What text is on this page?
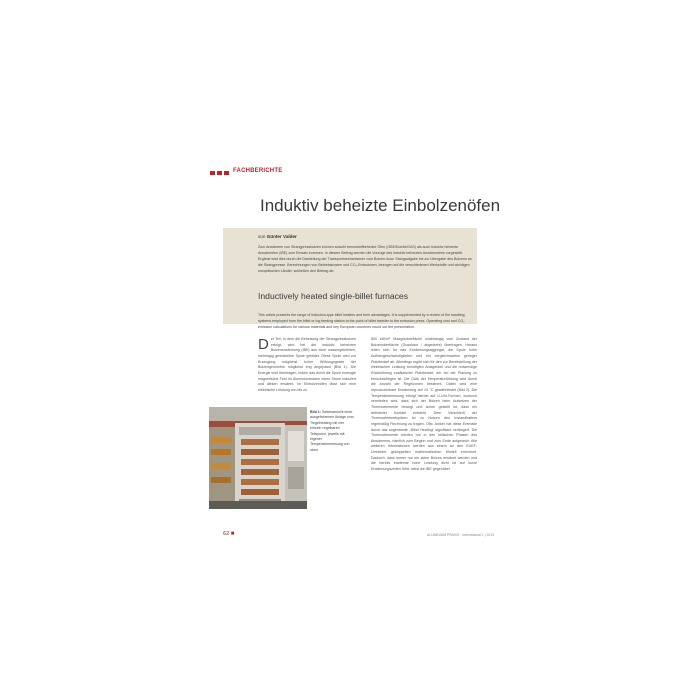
FACHBERICHTE
Induktiv beheizte Einbolzenöfen
von Günter Valder
Zum Anwärmen von Strangpressbolzen können sowohl brennstoffbeheizte Öfen (GBE/Kombi/GAS) als auch induktiv beheizte Anwärmöfen (IBE) zum Einsatz kommen. In diesem Beitrag werden die Vorzüge des induktiv beheizten Anwärmofens vorgestellt. Ergänzt wird dies durch die Darstellung der Transportmechanismen vom Bolzen-/bzw. Stangaufgabe bis zur Übergabe des Bolzens an die Strangpresse. Berechnungen von Betriebskosten und CO₂-Emissionen, bezogen auf die verschiedenen Werkstoffe und wichtigen europäischen Länder, schließen den Beitrag ab.
Inductively heated single-billet furnaces
This article presents the range of induction-type billet heaters and their advantages. It is supplemented by a review of the handling systems employed from the billet or log feeding station to the point of billet transfer to the extrusion press. Operating cost and CO₂ emission calculations for various materials and key European countries round out the presentation.
D er Teil, in dem die Beheizung der Strangpressbolzen erfolgt, wird bei der induktiv beheizten Bolzenerwärmung (IBE) aus einer wassergekühlten, mehrlagig gewickelten Spule gebildet. Diese Spule wird zur Erzeugung möglichst hoher Wirkungsgrade der Bolzengeometrie möglichst eng angepasst (Bild 1). Die Energie wird übertragen, indem das durch die Spule erzeugte magnetische Feld im Aluminiumbolzen einen Strom induziert und diesen erwärmt. Im Einbolzenöfen lässt sich eine elektrische Leistung von bis zu
Bild 1: Seitenansicht einer ausgefahrenen Anlage zum Tiegelheating mit vier einzeln regelbaren Teilspulen, jeweils mit eigener Temperaturmessung von oben
800 kW/m² Nutzgutoberfläche unabhängig vom Zustand der Bolzenoberfläche (Gusshaut / abgedreht) übertragen. Heraus leiten sich für das Erwärmungsaggregat, die Spule hohe Aufheizgeschwindigkeiten und ein vergleichsweise geringer Platzbedarf ab. Allerdings ergibt sich für den zur Bereitstellung der elektrischen Leistung benötigten Anlagenteil und die notwendige Rückkühlung zusätzlicher Platzbedarf, der bei der Planung zu berücksichtigen ist. Die Güte der Temperaturführung wird durch die Anzahl der Regelzonen bestimmt. Dabei wird eine reproduzierbare Erwärmung auf ±3 °C gewährleistet (Bild 2). Die Temperaturmessung erfolgt hierbei auf U-Uhr-Formen, wodurch vermieden wird, dass sich der Bolzen beim Aufsetzen der Thermoelemente bewegt und sicher gestellt ist, dass ein definierter Kontakt entsteht. Dem Verschleiß der Thermoelementspitzen ist zu Nutzen des Instandhalters regelmäßig Rechnung zu tragen. Otto Junker hat diese Eremalle durch das sogenannte „Blind Heating“ signifikant verlängert. Die Thermoelemente werden nur in den kritischen Phasen des Anwärmens, nämlich zum Beginn und zum Ende aufgesetzt. Alle weiteren Informationen werden aus einem an den KUEF-Umrichter gekoppelten mathematischen Modell errechnet. Dadurch, dass immer nur ein siehe Bolzen erwärmt werden und die bereits erwärmte hohe Leistung dicht ist auf kurze Erwärmungszeiten führt, weist die IBE gegenüber
62 ■	ALUMINIUM PRAXIS · international 1 | 2013
